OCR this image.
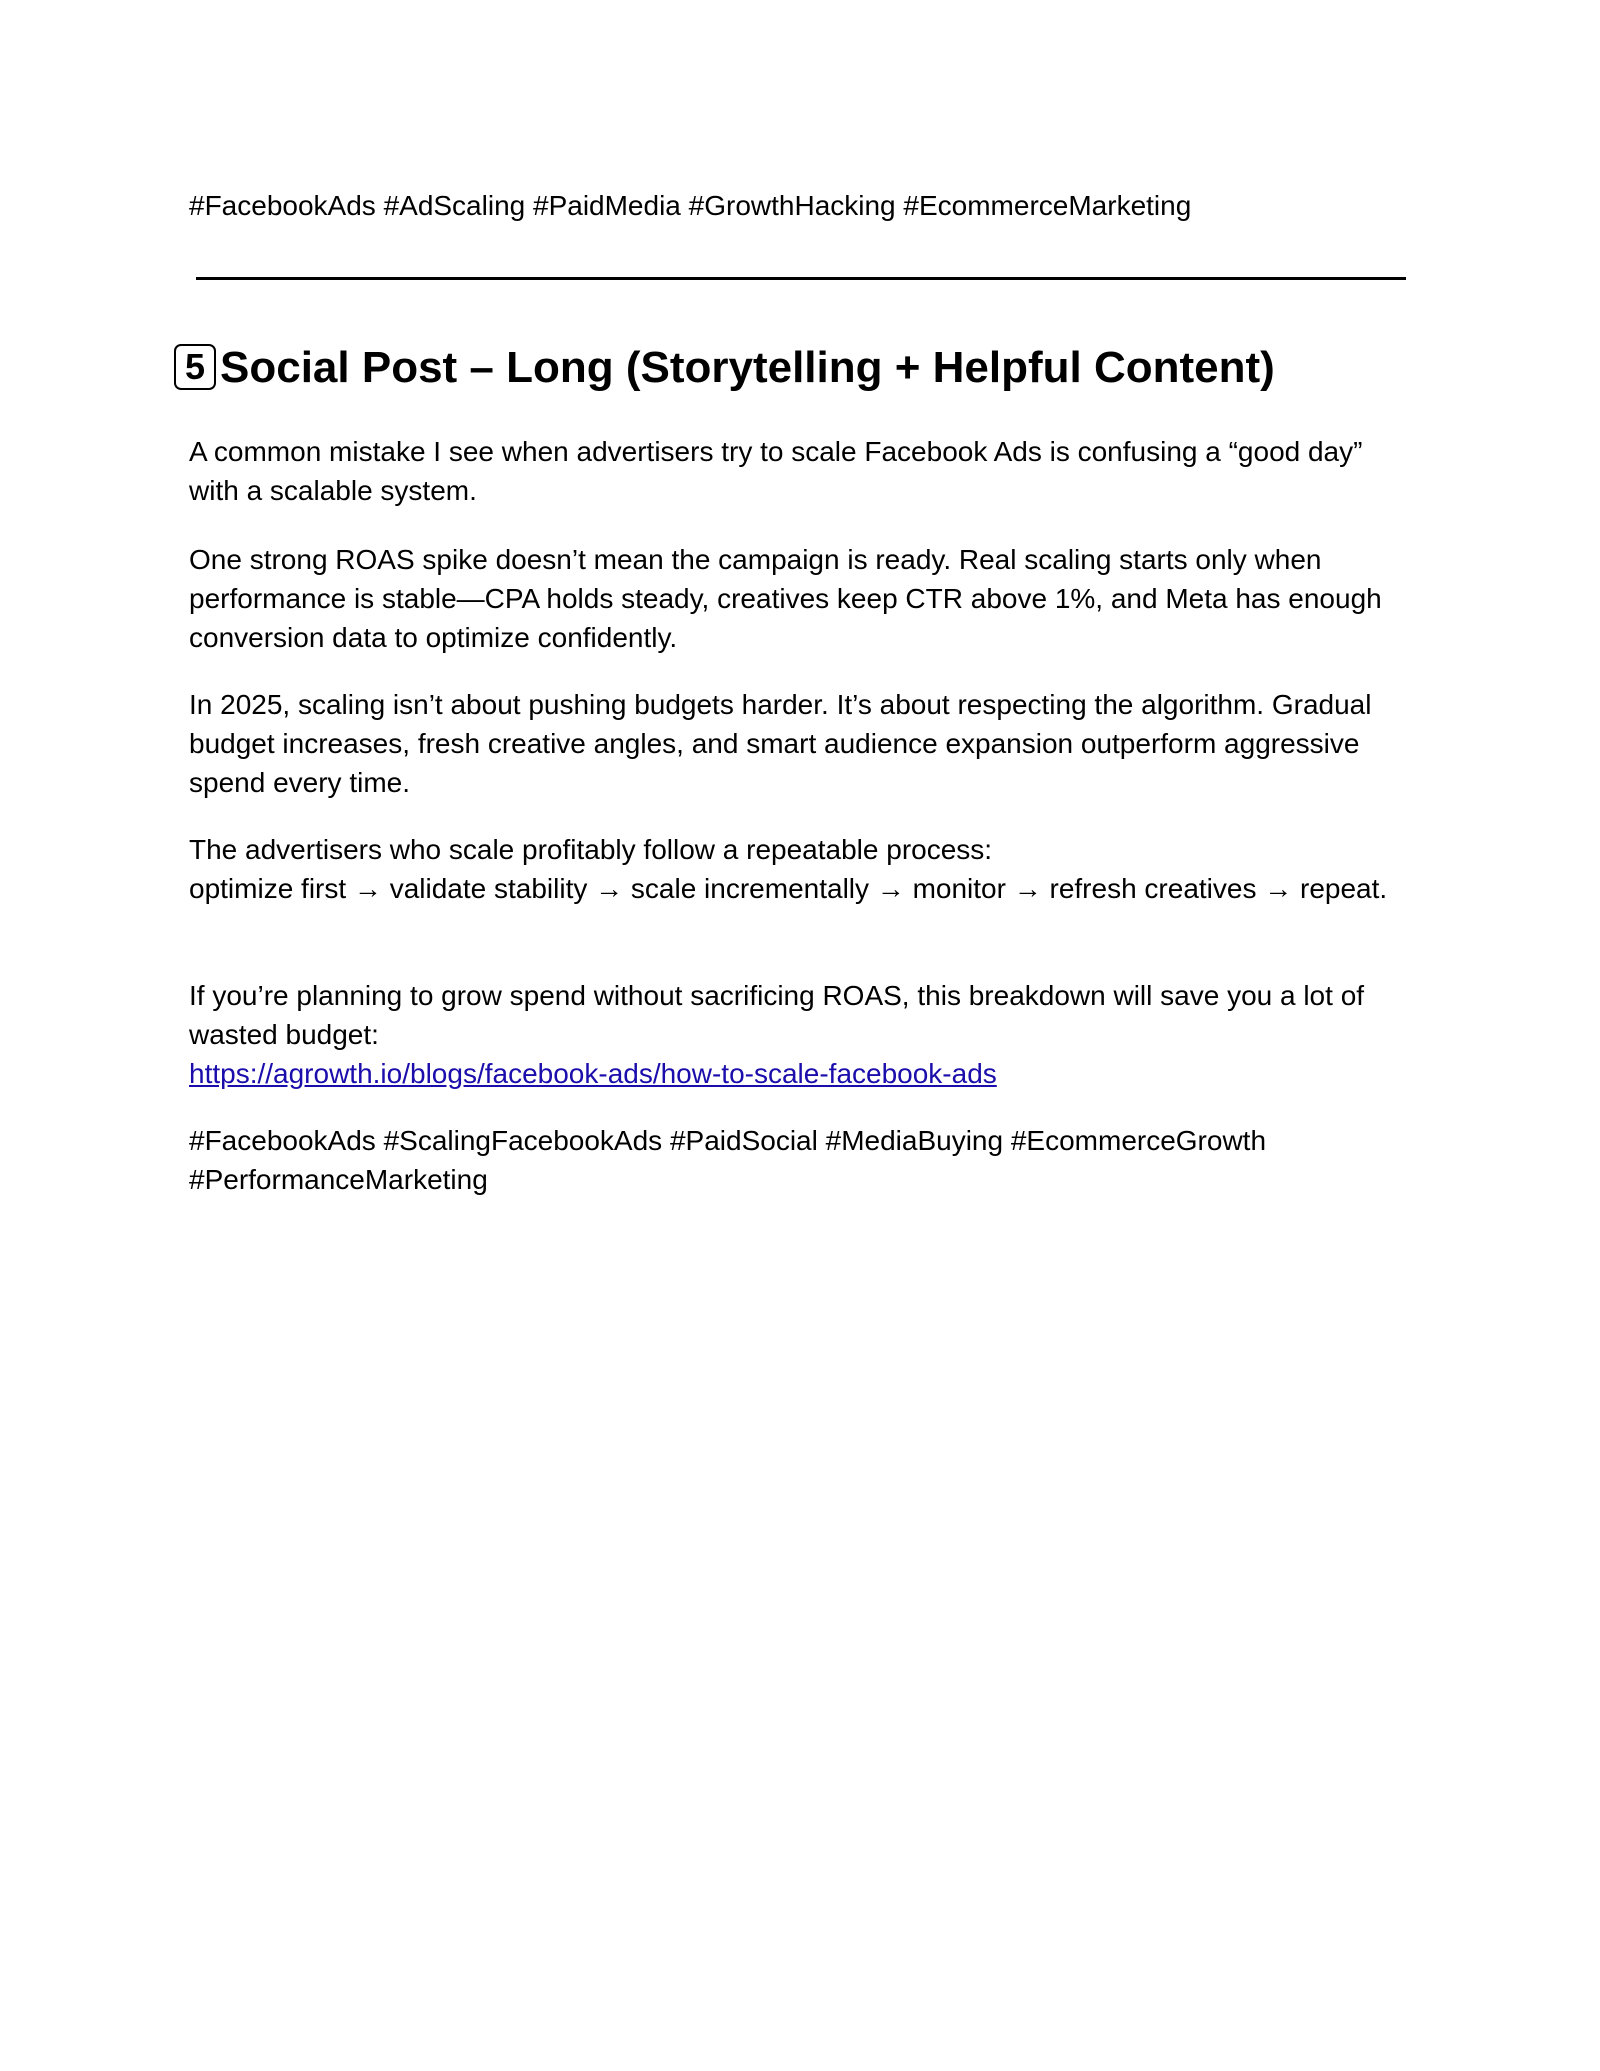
#FacebookAds #AdScaling #PaidMedia #GrowthHacking #EcommerceMarketing

5 Social Post – Long (Storytelling + Helpful Content)

A common mistake I see when advertisers try to scale Facebook Ads is confusing a “good day” with a scalable system.

One strong ROAS spike doesn’t mean the campaign is ready. Real scaling starts only when performance is stable—CPA holds steady, creatives keep CTR above 1%, and Meta has enough conversion data to optimize confidently.

In 2025, scaling isn’t about pushing budgets harder. It’s about respecting the algorithm. Gradual budget increases, fresh creative angles, and smart audience expansion outperform aggressive spend every time.

The advertisers who scale profitably follow a repeatable process:
optimize first → validate stability → scale incrementally → monitor → refresh creatives → repeat.
If you’re planning to grow spend without sacrificing ROAS, this breakdown will save you a lot of wasted budget:
https://agrowth.io/blogs/facebook-ads/how-to-scale-facebook-ads

#FacebookAds #ScalingFacebookAds #PaidSocial #MediaBuying #EcommerceGrowth #PerformanceMarketing
